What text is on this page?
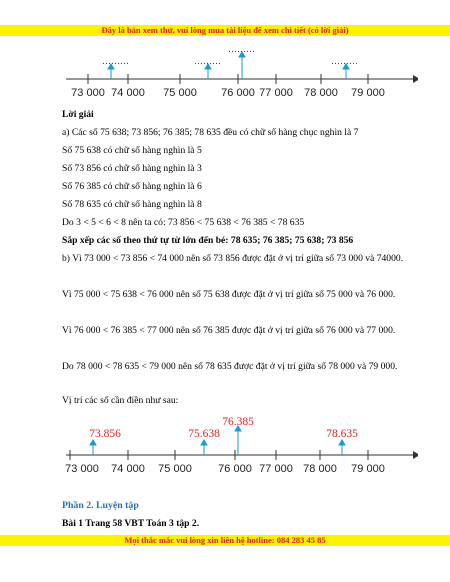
Đây là bản xem thử, vui lòng mua tài liệu để xem chi tiết (có lời giải)
………	………
………
………
73 000 74 000 75 000 76 000 77 000 78 000 79 000
Lời giải
a) Các số 75 638; 73 856; 76 385; 78 635 đều có chữ số hàng chục nghìn là 7
Số 75 638 có chữ số hàng nghìn là 5
Số 73 856 có chữ số hàng nghìn là 3
Số 76 385 có chữ số hàng nghìn là 6
Số 78 635 có chữ số hàng nghìn là 8
Do 3 < 5 < 6 < 8 nên ta có: 73 856 < 75 638 < 76 385 < 78 635
Sắp xếp các số theo thứ tự từ lớn đến bé: 78 635; 76 385; 75 638; 73 856
b) Vì 73 000 < 73 856 < 74 000 nên số 73 856 được đặt ở vị trí giữa số 73 000 và 74000.
Vì 75 000 < 75 638 < 76 000 nên số 75 638 được đặt ở vị trí giữa số 75 000 và 76 000.
Vì 76 000 < 76 385 < 77 000 nên số 76 385 được đặt ở vị trí giữa số 76 000 và 77 000.
Do 78 000 < 78 635 < 79 000 nên số 78 635 được đặt ở vị trí giữa số 78 000 và 79 000.
Vị trí các số cần điền như sau:
73.856	75.638
76.385
78.635
73 000 74 000 75 000 76 000 77 000 78 000 79 000
Phần 2. Luyện tập
Bài 1 Trang 58 VBT Toán 3 tập 2.
Mọi thắc mắc vui lòng xin liên hệ hotline: 084 283 45 85
